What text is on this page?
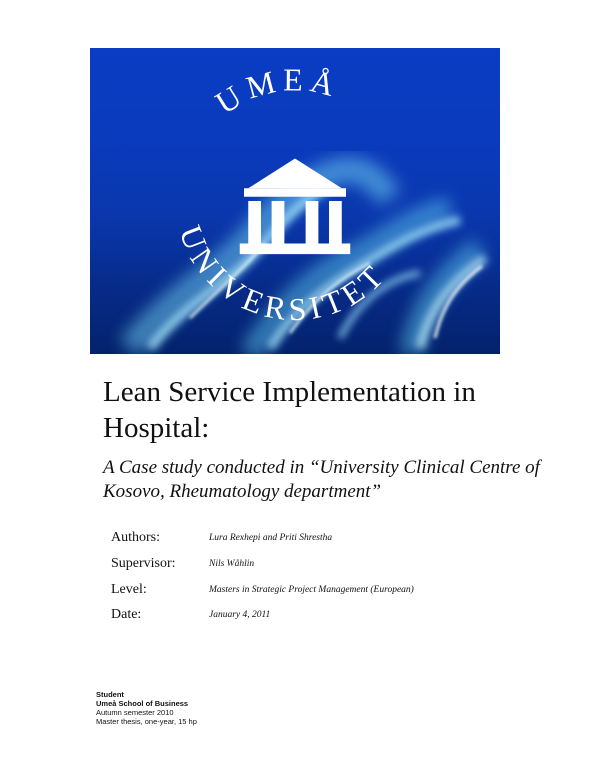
UMEÅ
UNIVERSITET
Lean Service Implementation in Hospital:

A Case study conducted in “University Clinical Centre of Kosovo, Rheumatology department”

Authors:	Lura Rexhepi and Priti Shrestha
Supervisor:	Nils Wåhlin
Level:	Masters in Strategic Project Management (European)
Date:	January 4, 2011
Student
Umeå School of Business
Autumn semester 2010
Master thesis, one-year, 15 hp
